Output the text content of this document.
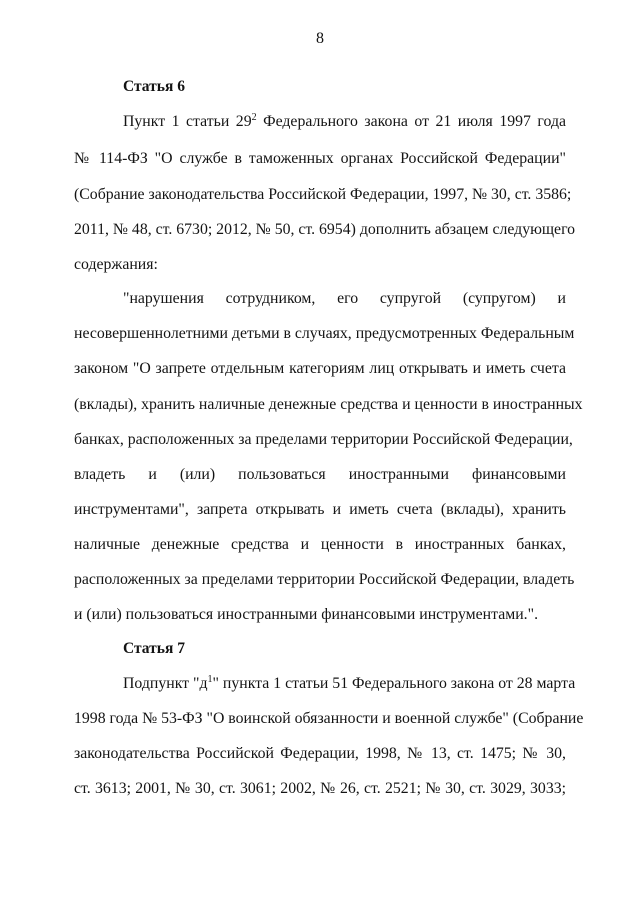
8
Статья 6
Пункт 1 статьи $29^2$ Федерального закона от 21 июля 1997 года
№ 114-ФЗ "О службе в таможенных органах Российской Федерации"
(Собрание законодательства Российской Федерации, 1997, № 30, ст. 3586;
2011, № 48, ст. 6730; 2012, № 50, ст. 6954) дополнить абзацем следующего
содержания:
"нарушения сотрудником, его супругой (супругом) и
несовершеннолетними детьми в случаях, предусмотренных Федеральным
законом "О запрете отдельным категориям лиц открывать и иметь счета
(вклады), хранить наличные денежные средства и ценности в иностранных
банках, расположенных за пределами территории Российской Федерации,
владеть и (или) пользоваться иностранными финансовыми
инструментами", запрета открывать и иметь счета (вклады), хранить
наличные денежные средства и ценности в иностранных банках,
расположенных за пределами территории Российской Федерации, владеть
и (или) пользоваться иностранными финансовыми инструментами.".
Статья 7
Подпункт "$д^1$" пункта 1 статьи 51 Федерального закона от 28 марта
1998 года № 53-ФЗ "О воинской обязанности и военной службе" (Собрание
законодательства Российской Федерации, 1998, № 13, ст. 1475; № 30,
ст. 3613; 2001, № 30, ст. 3061; 2002, № 26, ст. 2521; № 30, ст. 3029, 3033;
